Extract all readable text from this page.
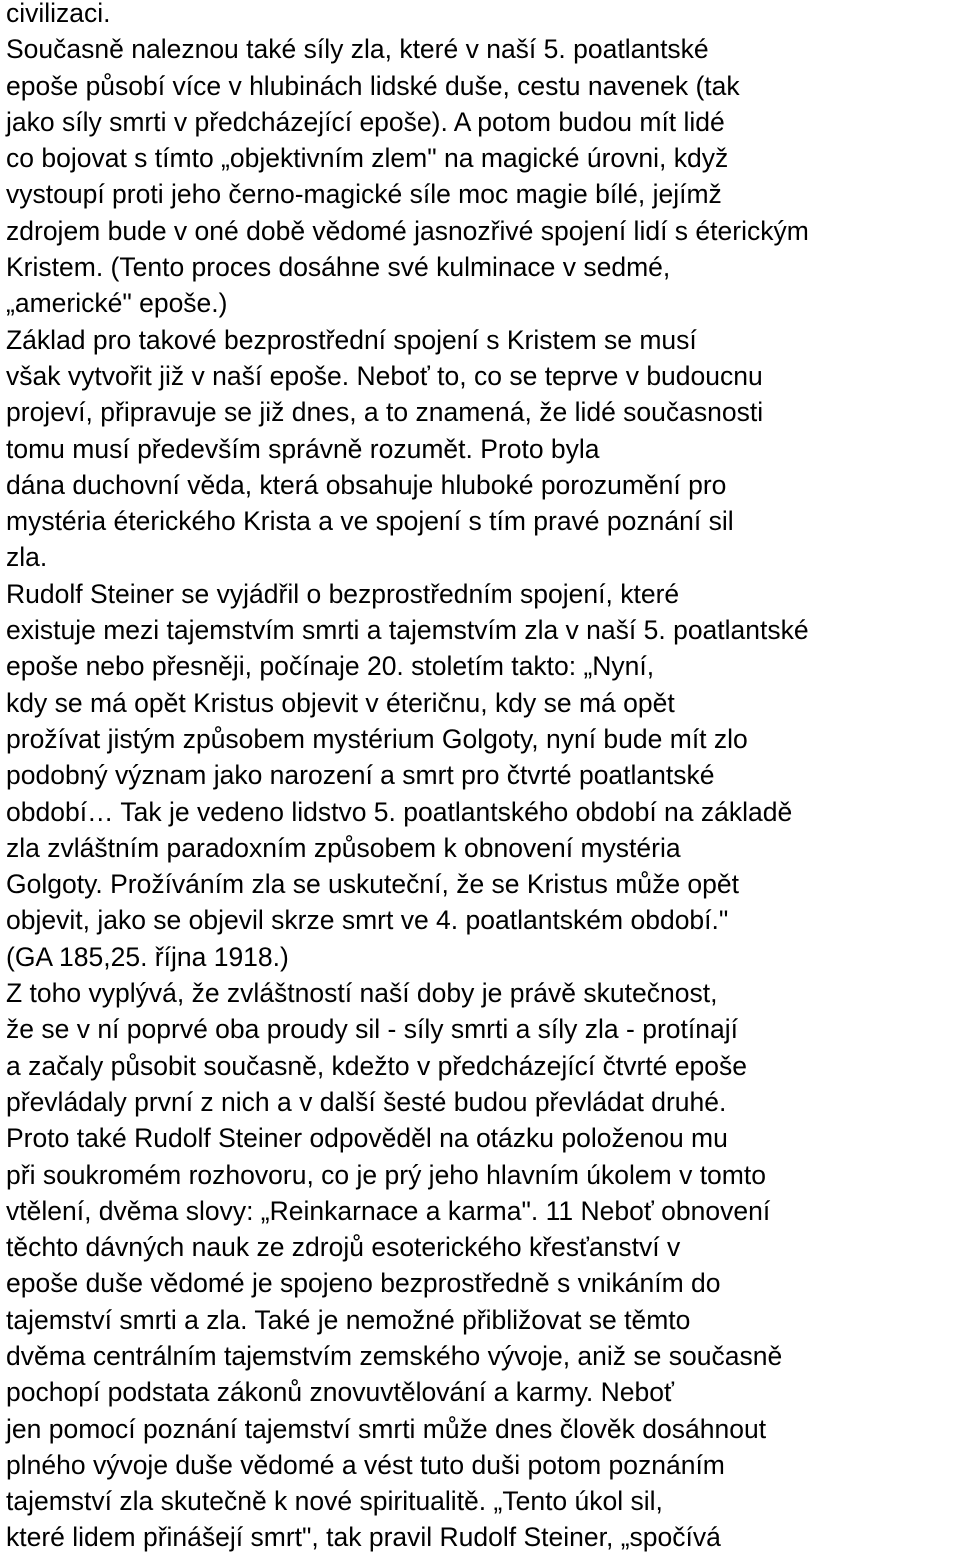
civilizaci.
Současně naleznou také síly zla, které v naší 5. poatlantské
epoše působí více v hlubinách lidské duše, cestu navenek (tak
jako síly smrti v předcházející epoše). A potom budou mít lidé
co bojovat s tímto „objektivním zlem" na magické úrovni, když
vystoupí proti jeho černo-magické síle moc magie bílé, jejímž
zdrojem bude v oné době vědomé jasnozřivé spojení lidí s éterickým
Kristem. (Tento proces dosáhne své kulminace v sedmé,
„americké" epoše.)
Základ pro takové bezprostřední spojení s Kristem se musí
však vytvořit již v naší epoše. Neboť to, co se teprve v budoucnu
projeví, připravuje se již dnes, a to znamená, že lidé současnosti
tomu musí především správně rozumět. Proto byla
dána duchovní věda, která obsahuje hluboké porozumění pro
mystéria éterického Krista a ve spojení s tím pravé poznání sil
zla.
Rudolf Steiner se vyjádřil o bezprostředním spojení, které
existuje mezi tajemstvím smrti a tajemstvím zla v naší 5. poatlantské
epoše nebo přesněji, počínaje 20. stoletím takto: „Nyní,
kdy se má opět Kristus objevit v éteričnu, kdy se má opět
prožívat jistým způsobem mystérium Golgoty, nyní bude mít zlo
podobný význam jako narození a smrt pro čtvrté poatlantské
období… Tak je vedeno lidstvo 5. poatlantského období na základě
zla zvláštním paradoxním způsobem k obnovení mystéria
Golgoty. Prožíváním zla se uskuteční, že se Kristus může opět
objevit, jako se objevil skrze smrt ve 4. poatlantském období."
(GA 185,25. října 1918.)
Z toho vyplývá, že zvláštností naší doby je právě skutečnost,
že se v ní poprvé oba proudy sil - síly smrti a síly zla - protínají
a začaly působit současně, kdežto v předcházející čtvrté epoše
převládaly první z nich a v další šesté budou převládat druhé.
Proto také Rudolf Steiner odpověděl na otázku položenou mu
při soukromém rozhovoru, co je prý jeho hlavním úkolem v tomto
vtělení, dvěma slovy: „Reinkarnace a karma". 11 Neboť obnovení
těchto dávných nauk ze zdrojů esoterického křesťanství v
epoše duše vědomé je spojeno bezprostředně s vnikáním do
tajemství smrti a zla. Také je nemožné přibližovat se těmto
dvěma centrálním tajemstvím zemského vývoje, aniž se současně
pochopí podstata zákonů znovuvtělování a karmy. Neboť
jen pomocí poznání tajemství smrti může dnes člověk dosáhnout
plného vývoje duše vědomé a vést tuto duši potom poznáním
tajemství zla skutečně k nové spiritualitě. „Tento úkol sil,
které lidem přinášejí smrt", tak pravil Rudolf Steiner, „spočívá
